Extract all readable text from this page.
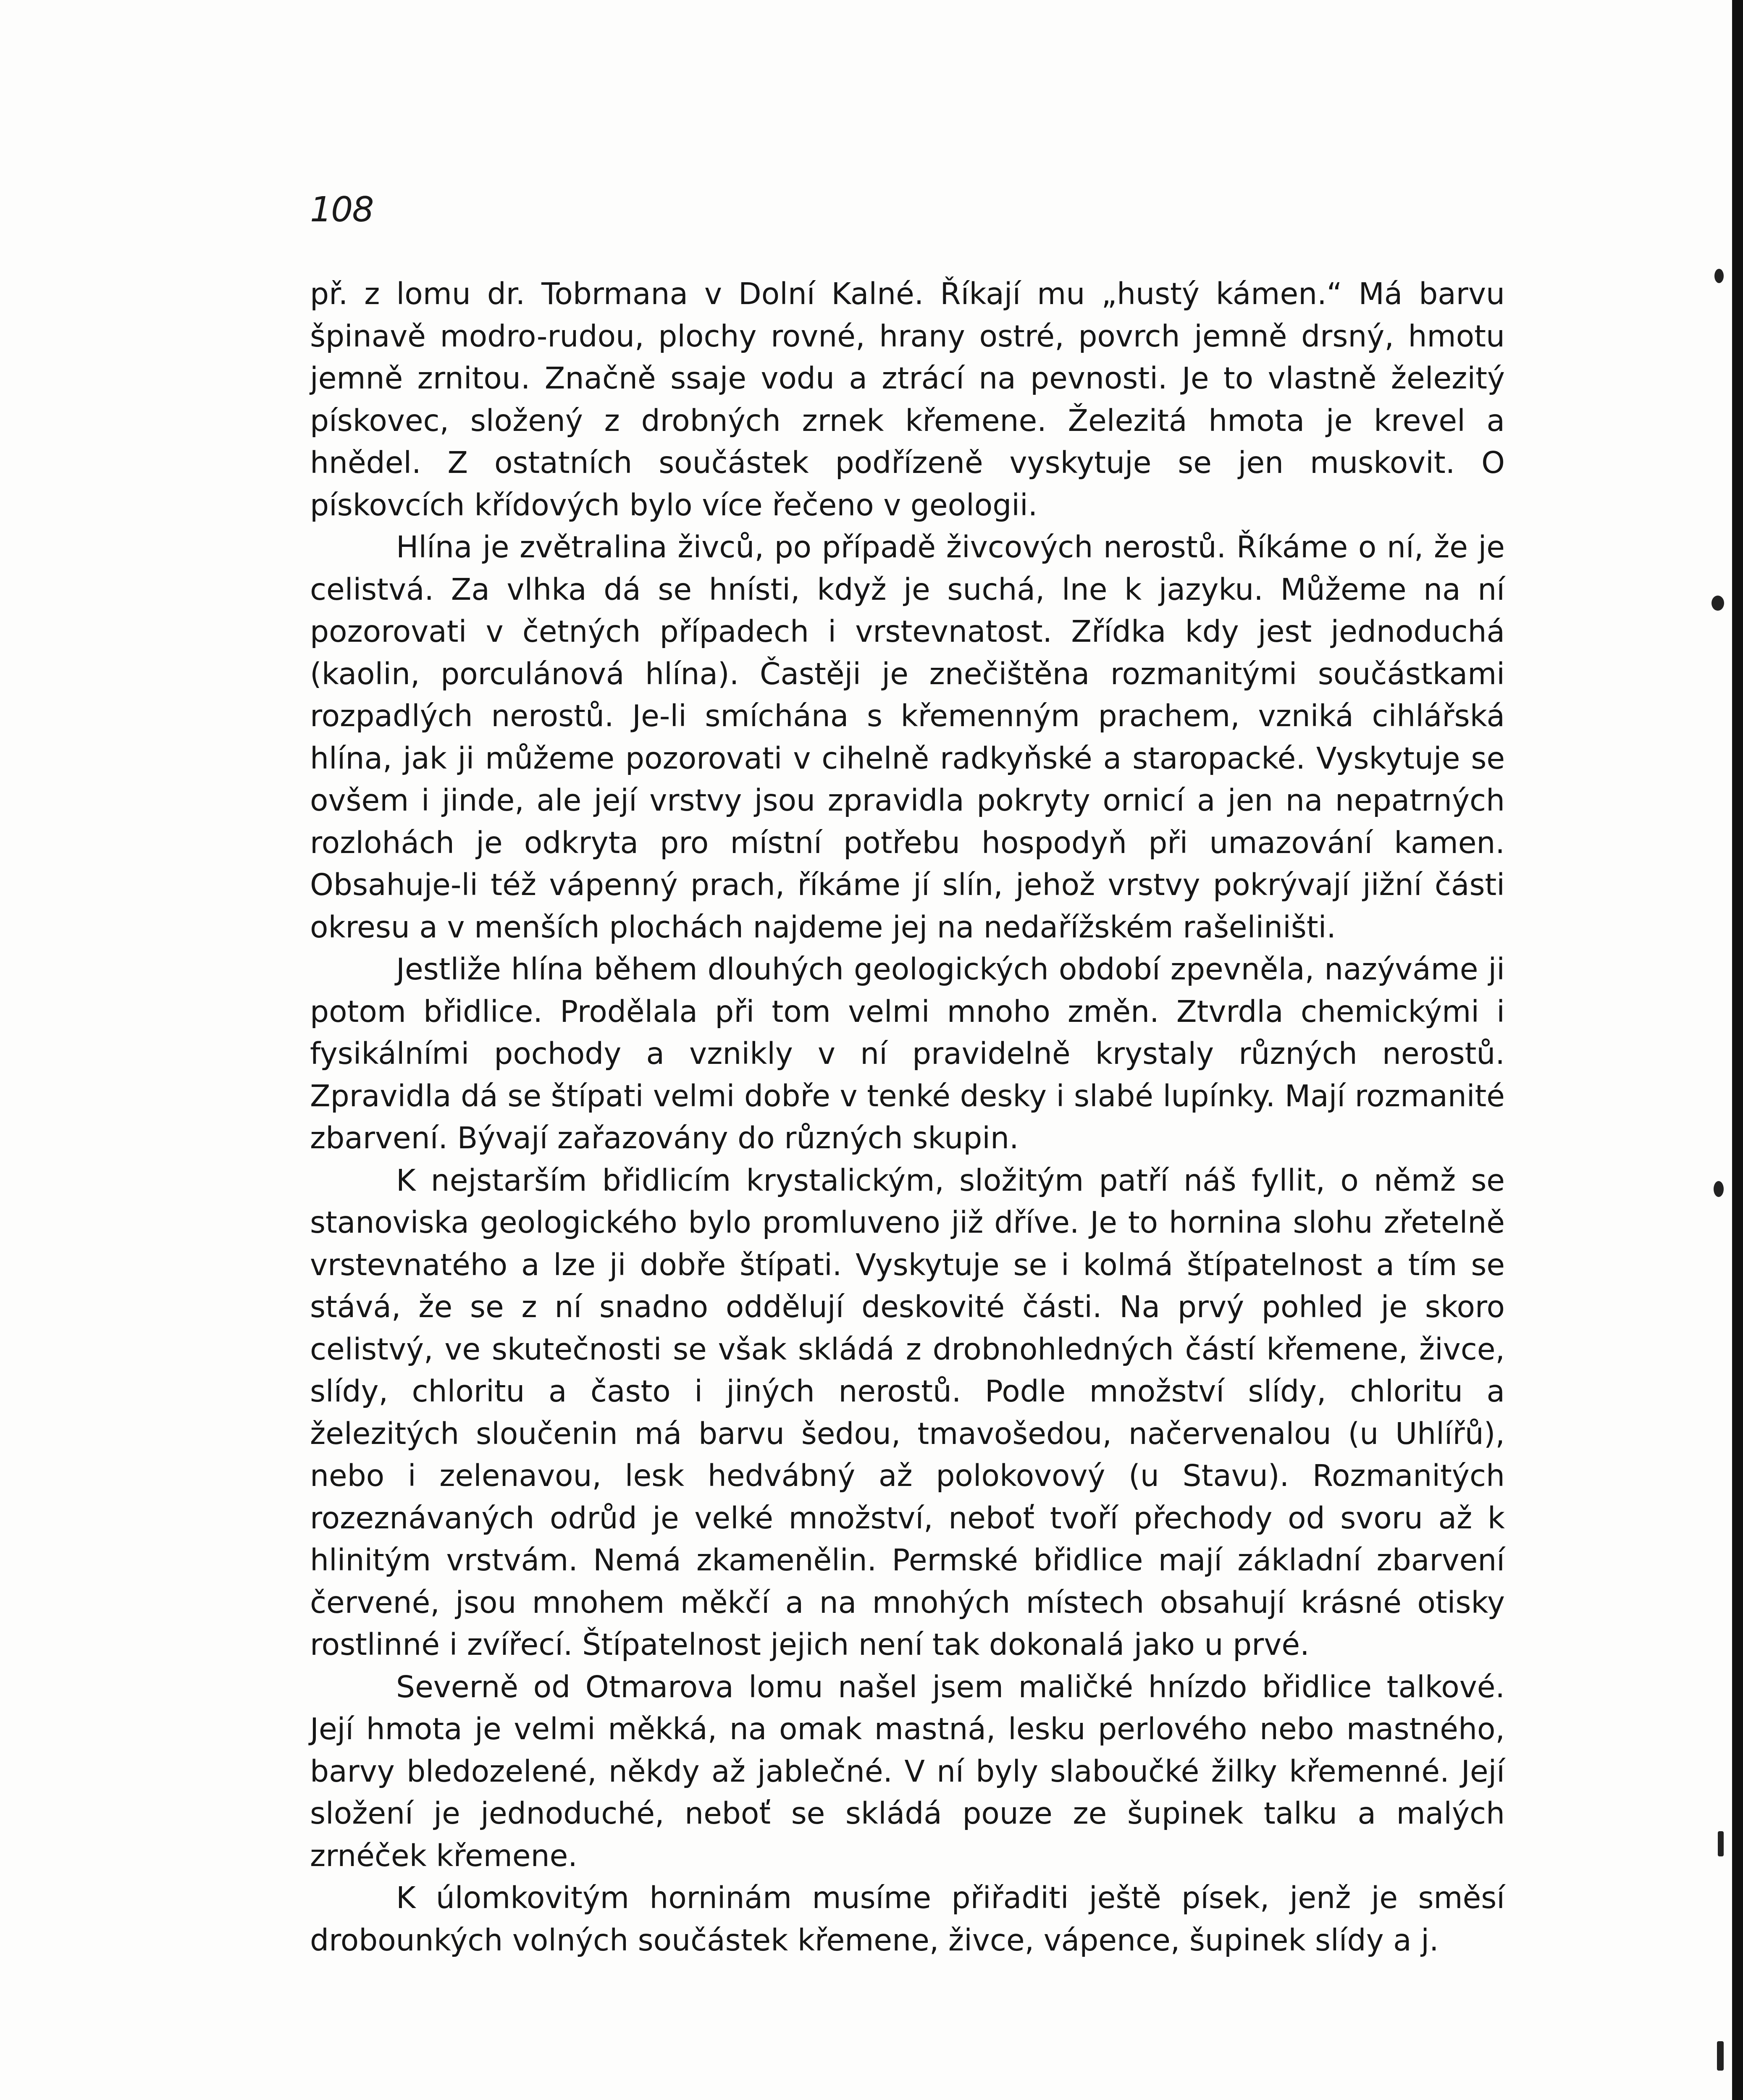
108

př. z lomu dr. Tobrmana v Dolní Kalné. Říkají mu „hustý kámen.“ Má barvu špinavě modro-rudou, plochy rovné, hrany ostré, povrch jemně drsný, hmotu jemně zrnitou. Značně ssaje vodu a ztrácí na pevnosti. Je to vlastně železitý pískovec, složený z drobných zrnek křemene. Železitá hmota je krevel a hnědel. Z ostatních součástek podřízeně vyskytuje se jen muskovit. O pískovcích křídových bylo více řečeno v geologii.

Hlína je zvětralina živců, po případě živcových nerostů. Říkáme o ní, že je celistvá. Za vlhka dá se hnísti, když je suchá, lne k jazyku. Můžeme na ní pozorovati v četných případech i vrstevnatost. Zřídka kdy jest jednoduchá (kaolin, porculánová hlína). Častěji je znečištěna rozmanitými součástkami rozpadlých nerostů. Je-li smíchána s křemenným prachem, vzniká cihlářská hlína, jak ji můžeme pozorovati v cihelně radkyňské a staropacké. Vyskytuje se ovšem i jinde, ale její vrstvy jsou zpravidla pokryty ornicí a jen na nepatrných rozlohách je odkryta pro místní potřebu hospodyň při umazování kamen. Obsahuje-li též vápenný prach, říkáme jí slín, jehož vrstvy pokrývají jižní části okresu a v menších plochách najdeme jej na nedařížském rašeliništi.

Jestliže hlína během dlouhých geologických období zpevněla, nazýváme ji potom břidlice. Prodělala při tom velmi mnoho změn. Ztvrdla chemickými i fysikálními pochody a vznikly v ní pravidelně krystaly různých nerostů. Zpravidla dá se štípati velmi dobře v tenké desky i slabé lupínky. Mají rozmanité zbarvení. Bývají zařazovány do různých skupin.

K nejstarším břidlicím krystalickým, složitým patří náš fyllit, o němž se stanoviska geologického bylo promluveno již dříve. Je to hornina slohu zřetelně vrstevnatého a lze ji dobře štípati. Vyskytuje se i kolmá štípatelnost a tím se stává, že se z ní snadno oddělují deskovité části. Na prvý pohled je skoro celistvý, ve skutečnosti se však skládá z drobnohledných částí křemene, živce, slídy, chloritu a často i jiných nerostů. Podle množství slídy, chloritu a železitých sloučenin má barvu šedou, tmavošedou, načervenalou (u Uhlířů), nebo i zelenavou, lesk hedvábný až polokovový (u Stavu). Rozmanitých rozeznávaných odrůd je velké množství, neboť tvoří přechody od svoru až k hlinitým vrstvám. Nemá zkamenělin. Permské břidlice mají základní zbarvení červené, jsou mnohem měkčí a na mnohých místech obsahují krásné otisky rostlinné i zvířecí. Štípatelnost jejich není tak dokonalá jako u prvé.

Severně od Otmarova lomu našel jsem maličké hnízdo břidlice talkové. Její hmota je velmi měkká, na omak mastná, lesku perlového nebo mastného, barvy bledozelené, někdy až jablečné. V ní byly slaboučké žilky křemenné. Její složení je jednoduché, neboť se skládá pouze ze šupinek talku a malých zrnéček křemene.

K úlomkovitým horninám musíme přiřaditi ještě písek, jenž je směsí drobounkých volných součástek křemene, živce, vápence, šupinek slídy a j.
